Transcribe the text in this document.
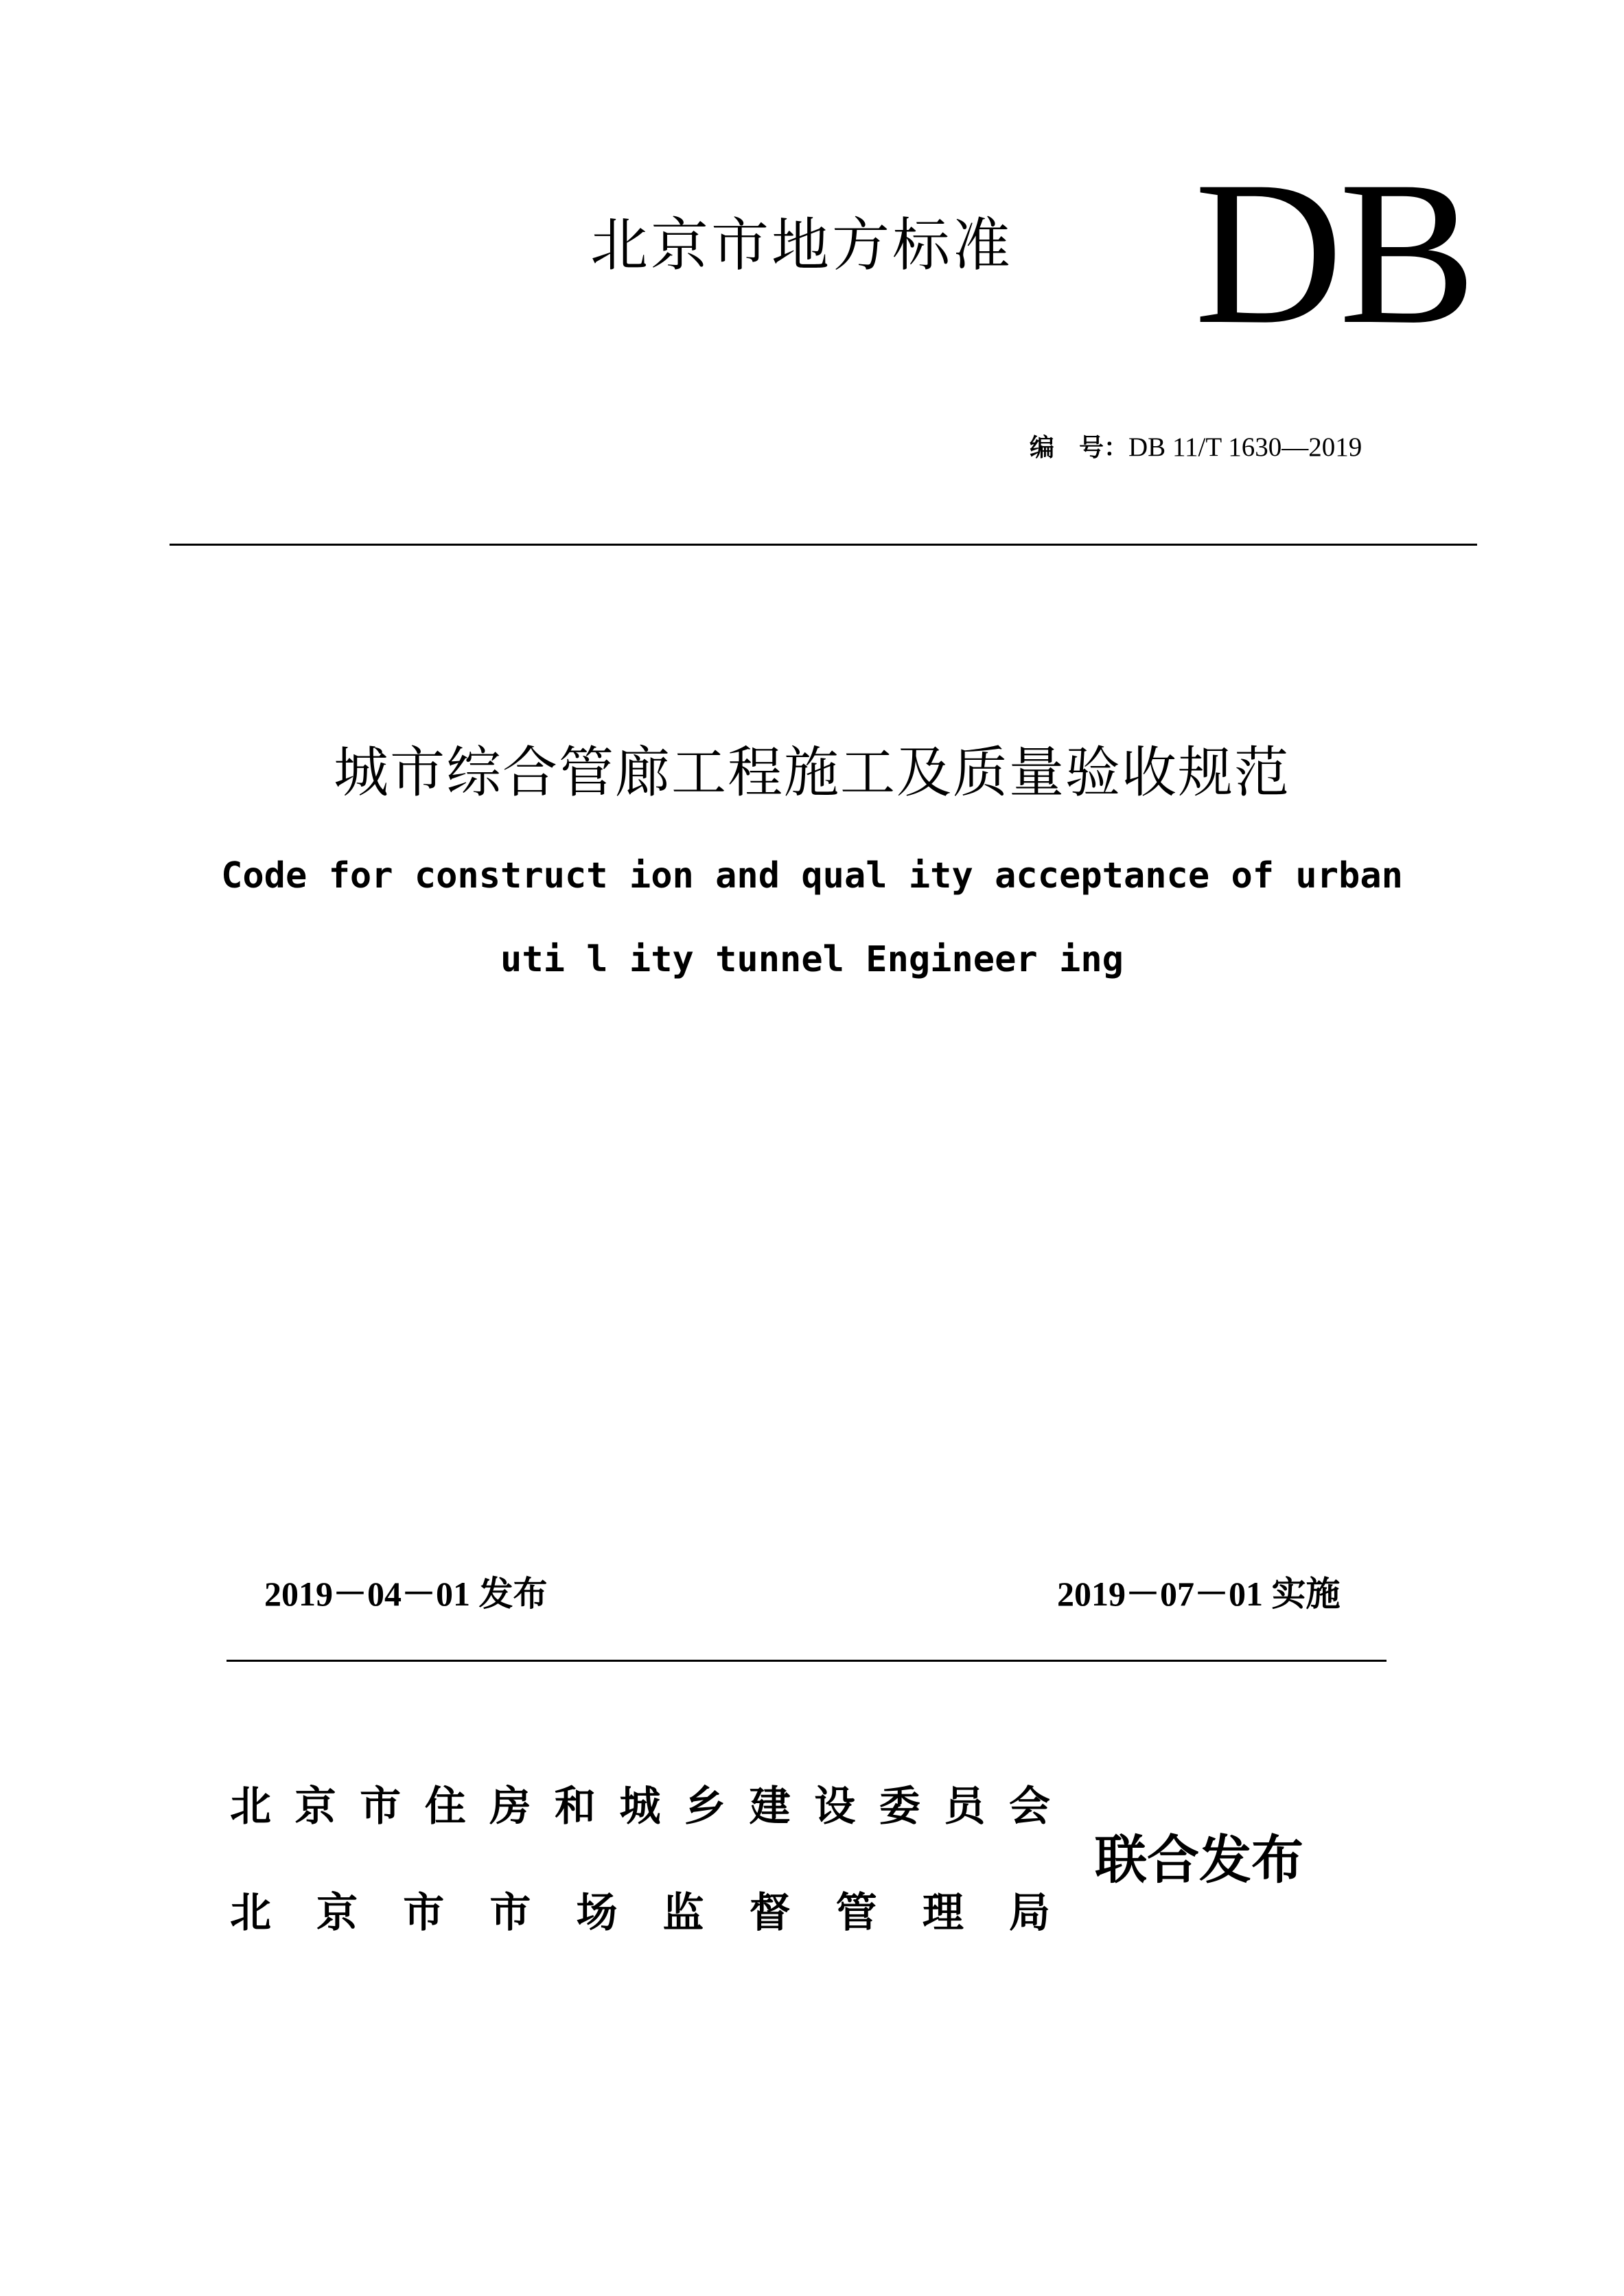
北京市地方标准 DB
编　号：DB 11/T 1630—2019
城市综合管廊工程施工及质量验收规范
Code for construct ion and qual ity acceptance of urban
uti l ity tunnel Engineer ing
2019－04－01 发布	2019－07－01 实施
北 京 市 住 房 和 城 乡 建 设 委 员 会
北 京 市 市 场 监 督 管 理 局
联合发布
